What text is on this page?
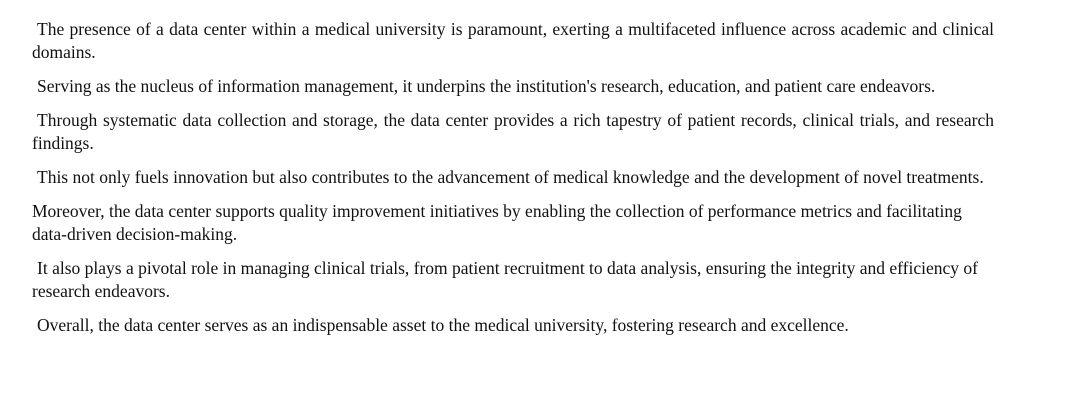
The presence of a data center within a medical university is paramount, exerting a multifaceted influence across academic and clinical domains.

Serving as the nucleus of information management, it underpins the institution's research, education, and patient care endeavors.

Through systematic data collection and storage, the data center provides a rich tapestry of patient records, clinical trials, and research findings.

This not only fuels innovation but also contributes to the advancement of medical knowledge and the development of novel treatments.

Moreover, the data center supports quality improvement initiatives by enabling the collection of performance metrics and facilitating data-driven decision-making.

It also plays a pivotal role in managing clinical trials, from patient recruitment to data analysis, ensuring the integrity and efficiency of research endeavors.

Overall, the data center serves as an indispensable asset to the medical university, fostering research and excellence.
